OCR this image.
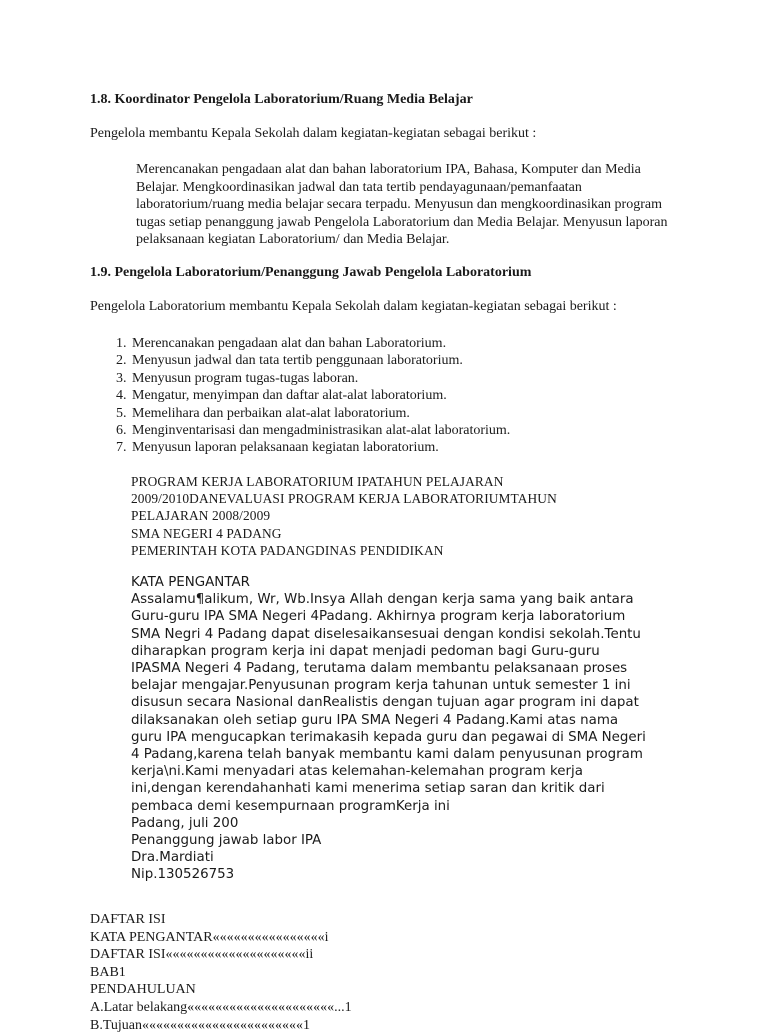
1.8. Koordinator Pengelola Laboratorium/Ruang Media Belajar
Pengelola membantu Kepala Sekolah dalam kegiatan-kegiatan sebagai berikut :

Merencanakan pengadaan alat dan bahan laboratorium IPA, Bahasa, Komputer dan Media Belajar. Mengkoordinasikan jadwal dan tata tertib pendayagunaan/pemanfaatan laboratorium/ruang media belajar secara terpadu. Menyusun dan mengkoordinasikan program tugas setiap penanggung jawab Pengelola Laboratorium dan Media Belajar. Menyusun laporan pelaksanaan kegiatan Laboratorium/ dan Media Belajar.

1.9. Pengelola Laboratorium/Penanggung Jawab Pengelola Laboratorium
Pengelola Laboratorium membantu Kepala Sekolah dalam kegiatan-kegiatan sebagai berikut :
1. Merencanakan pengadaan alat dan bahan Laboratorium.
2. Menyusun jadwal dan tata tertib penggunaan laboratorium.
3. Menyusun program tugas-tugas laboran.
4. Mengatur, menyimpan dan daftar alat-alat laboratorium.
5. Memelihara dan perbaikan alat-alat laboratorium.
6. Menginventarisasi dan mengadministrasikan alat-alat laboratorium.
7. Menyusun laporan pelaksanaan kegiatan laboratorium.
PROGRAM KERJA LABORATORIUM IPATAHUN PELAJARAN
2009/2010DANEVALUASI PROGRAM KERJA LABORATORIUMTAHUN
PELAJARAN 2008/2009
SMA NEGERI 4 PADANG
PEMERINTAH KOTA PADANGDINAS PENDIDIKAN
KATA PENGANTAR
Assalamu¶alikum, Wr, Wb.Insya Allah dengan kerja sama yang baik antara Guru-guru IPA SMA Negeri 4Padang. Akhirnya program kerja laboratorium SMA Negri 4 Padang dapat diselesaikansesuai dengan kondisi sekolah.Tentu diharapkan program kerja ini dapat menjadi pedoman bagi Guru-guru IPASMA Negeri 4 Padang, terutama dalam membantu pelaksanaan proses belajar mengajar.Penyusunan program kerja tahunan untuk semester 1 ini disusun secara Nasional danRealistis dengan tujuan agar program ini dapat dilaksanakan oleh setiap guru IPA SMA Negeri 4 Padang.Kami atas nama guru IPA mengucapkan terimakasih kepada guru dan pegawai di SMA Negeri 4 Padang,karena telah banyak membantu kami dalam penyusunan program kerja\ni.Kami menyadari atas kelemahan-kelemahan program kerja ini,dengan kerendahanhati kami menerima setiap saran dan kritik dari pembaca demi kesempurnaan programKerja ini
Padang, juli 200
Penanggung jawab labor IPA
Dra.Mardiati
Nip.130526753
DAFTAR ISI
KATA PENGANTAR««««««««««««««««i
DAFTAR ISI««««««««««««««««««««ii
BAB1
PENDAHULUAN
A.Latar belakang«««««««««««««««««««««...1
B.Tujuan«««««««««««««««««««««««1
